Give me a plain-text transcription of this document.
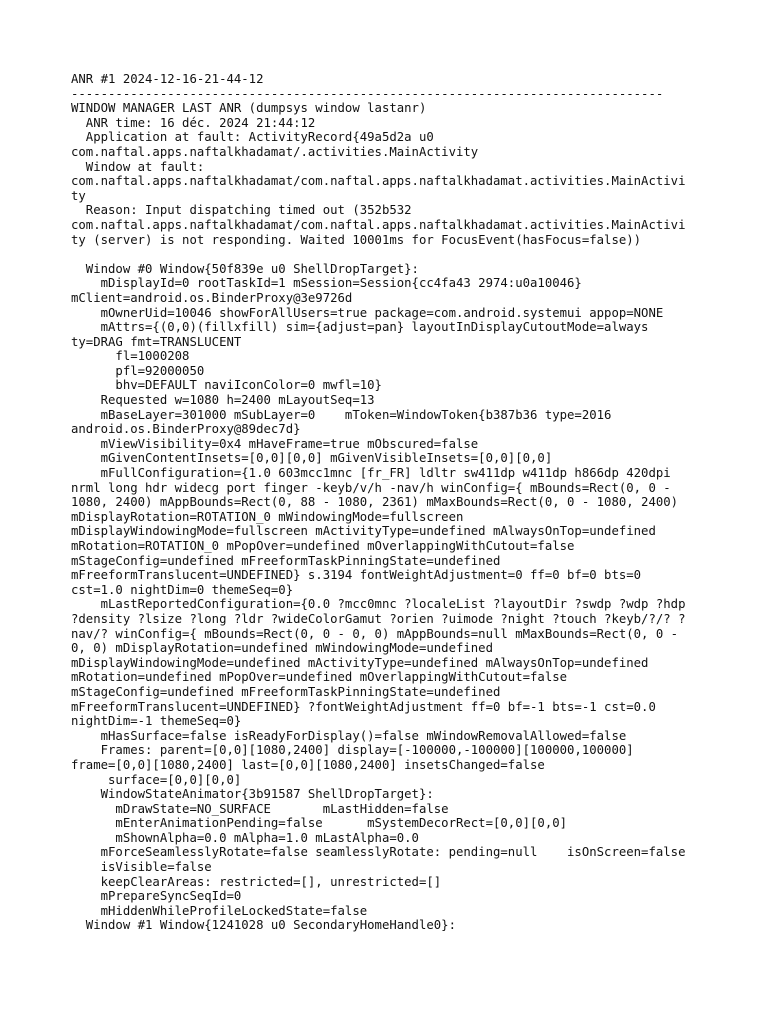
ANR #1 2024-12-16-21-44-12
--------------------------------------------------------------------------------
WINDOW MANAGER LAST ANR (dumpsys window lastanr)
ANR time: 16 déc. 2024 21:44:12
Application at fault: ActivityRecord{49a5d2a u0
com.naftal.apps.naftalkhadamat/.activities.MainActivity
Window at fault:
com.naftal.apps.naftalkhadamat/com.naftal.apps.naftalkhadamat.activities.MainActivi
ty
Reason: Input dispatching timed out (352b532
com.naftal.apps.naftalkhadamat/com.naftal.apps.naftalkhadamat.activities.MainActivi
ty (server) is not responding. Waited 10001ms for FocusEvent(hasFocus=false))
Window #0 Window{50f839e u0 ShellDropTarget}:
mDisplayId=0 rootTaskId=1 mSession=Session{cc4fa43 2974:u0a10046}
mClient=android.os.BinderProxy@3e9726d
mOwnerUid=10046 showForAllUsers=true package=com.android.systemui appop=NONE
mAttrs={(0,0)(fillxfill) sim={adjust=pan} layoutInDisplayCutoutMode=always
ty=DRAG fmt=TRANSLUCENT
fl=1000208
pfl=92000050
bhv=DEFAULT naviIconColor=0 mwfl=10}
Requested w=1080 h=2400 mLayoutSeq=13
mBaseLayer=301000 mSubLayer=0    mToken=WindowToken{b387b36 type=2016
android.os.BinderProxy@89dec7d}
mViewVisibility=0x4 mHaveFrame=true mObscured=false
mGivenContentInsets=[0,0][0,0] mGivenVisibleInsets=[0,0][0,0]
mFullConfiguration={1.0 603mcc1mnc [fr_FR] ldltr sw411dp w411dp h866dp 420dpi
nrml long hdr widecg port finger -keyb/v/h -nav/h winConfig={ mBounds=Rect(0, 0 -
1080, 2400) mAppBounds=Rect(0, 88 - 1080, 2361) mMaxBounds=Rect(0, 0 - 1080, 2400)
mDisplayRotation=ROTATION_0 mWindowingMode=fullscreen
mDisplayWindowingMode=fullscreen mActivityType=undefined mAlwaysOnTop=undefined
mRotation=ROTATION_0 mPopOver=undefined mOverlappingWithCutout=false
mStageConfig=undefined mFreeformTaskPinningState=undefined
mFreeformTranslucent=UNDEFINED} s.3194 fontWeightAdjustment=0 ff=0 bf=0 bts=0
cst=1.0 nightDim=0 themeSeq=0}
mLastReportedConfiguration={0.0 ?mcc0mnc ?localeList ?layoutDir ?swdp ?wdp ?hdp
?density ?lsize ?long ?ldr ?wideColorGamut ?orien ?uimode ?night ?touch ?keyb/?/? ?
nav/? winConfig={ mBounds=Rect(0, 0 - 0, 0) mAppBounds=null mMaxBounds=Rect(0, 0 -
0, 0) mDisplayRotation=undefined mWindowingMode=undefined
mDisplayWindowingMode=undefined mActivityType=undefined mAlwaysOnTop=undefined
mRotation=undefined mPopOver=undefined mOverlappingWithCutout=false
mStageConfig=undefined mFreeformTaskPinningState=undefined
mFreeformTranslucent=UNDEFINED} ?fontWeightAdjustment ff=0 bf=-1 bts=-1 cst=0.0
nightDim=-1 themeSeq=0}
mHasSurface=false isReadyForDisplay()=false mWindowRemovalAllowed=false
Frames: parent=[0,0][1080,2400] display=[-100000,-100000][100000,100000]
frame=[0,0][1080,2400] last=[0,0][1080,2400] insetsChanged=false
surface=[0,0][0,0]
WindowStateAnimator{3b91587 ShellDropTarget}:
mDrawState=NO_SURFACE       mLastHidden=false
mEnterAnimationPending=false      mSystemDecorRect=[0,0][0,0]
mShownAlpha=0.0 mAlpha=1.0 mLastAlpha=0.0
mForceSeamlesslyRotate=false seamlesslyRotate: pending=null    isOnScreen=false
isVisible=false
keepClearAreas: restricted=[], unrestricted=[]
mPrepareSyncSeqId=0
mHiddenWhileProfileLockedState=false
Window #1 Window{1241028 u0 SecondaryHomeHandle0}:
